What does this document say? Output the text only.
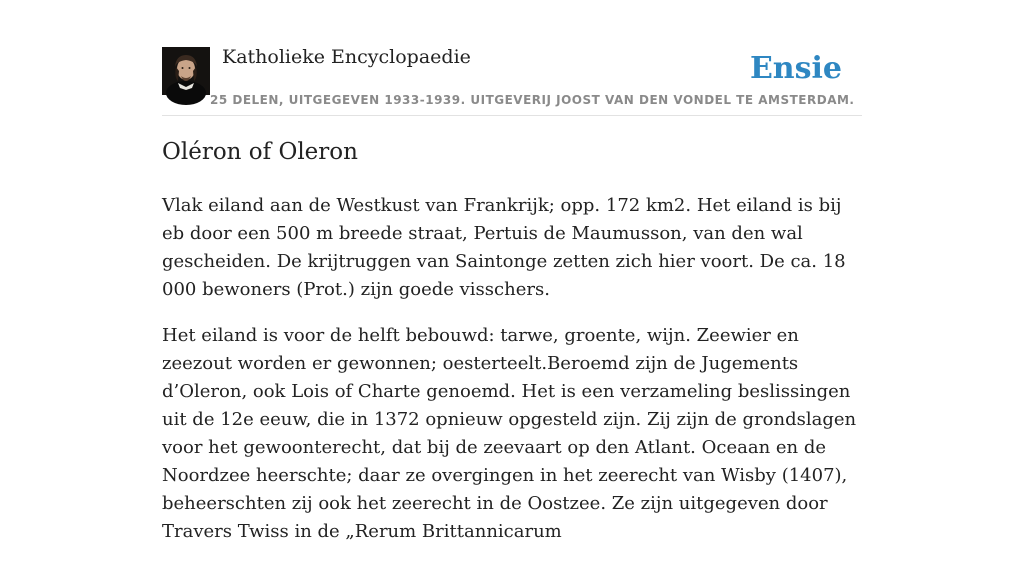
Katholieke Encyclopaedie	Ensie
25 DELEN, UITGEGEVEN 1933-1939. UITGEVERIJ JOOST VAN DEN VONDEL TE AMSTERDAM.
Oléron of Oleron

Vlak eiland aan de Westkust van Frankrijk; opp. 172 km2. Het eiland is bij eb door een 500 m breede straat, Pertuis de Maumusson, van den wal gescheiden. De krijtruggen van Saintonge zetten zich hier voort. De ca. 18 000 bewoners (Prot.) zijn goede visschers.

Het eiland is voor de helft bebouwd: tarwe, groente, wijn. Zeewier en zeezout worden er gewonnen; oesterteelt.Beroemd zijn de Jugements d’Oleron, ook Lois of Charte genoemd. Het is een verzameling beslissingen uit de 12e eeuw, die in 1372 opnieuw opgesteld zijn. Zij zijn de grondslagen voor het gewoonterecht, dat bij de zeevaart op den Atlant. Oceaan en de Noordzee heerschte; daar ze overgingen in het zeerecht van Wisby (1407), beheerschten zij ook het zeerecht in de Oostzee. Ze zijn uitgegeven door Travers Twiss in de „Rerum Brittannicarum
